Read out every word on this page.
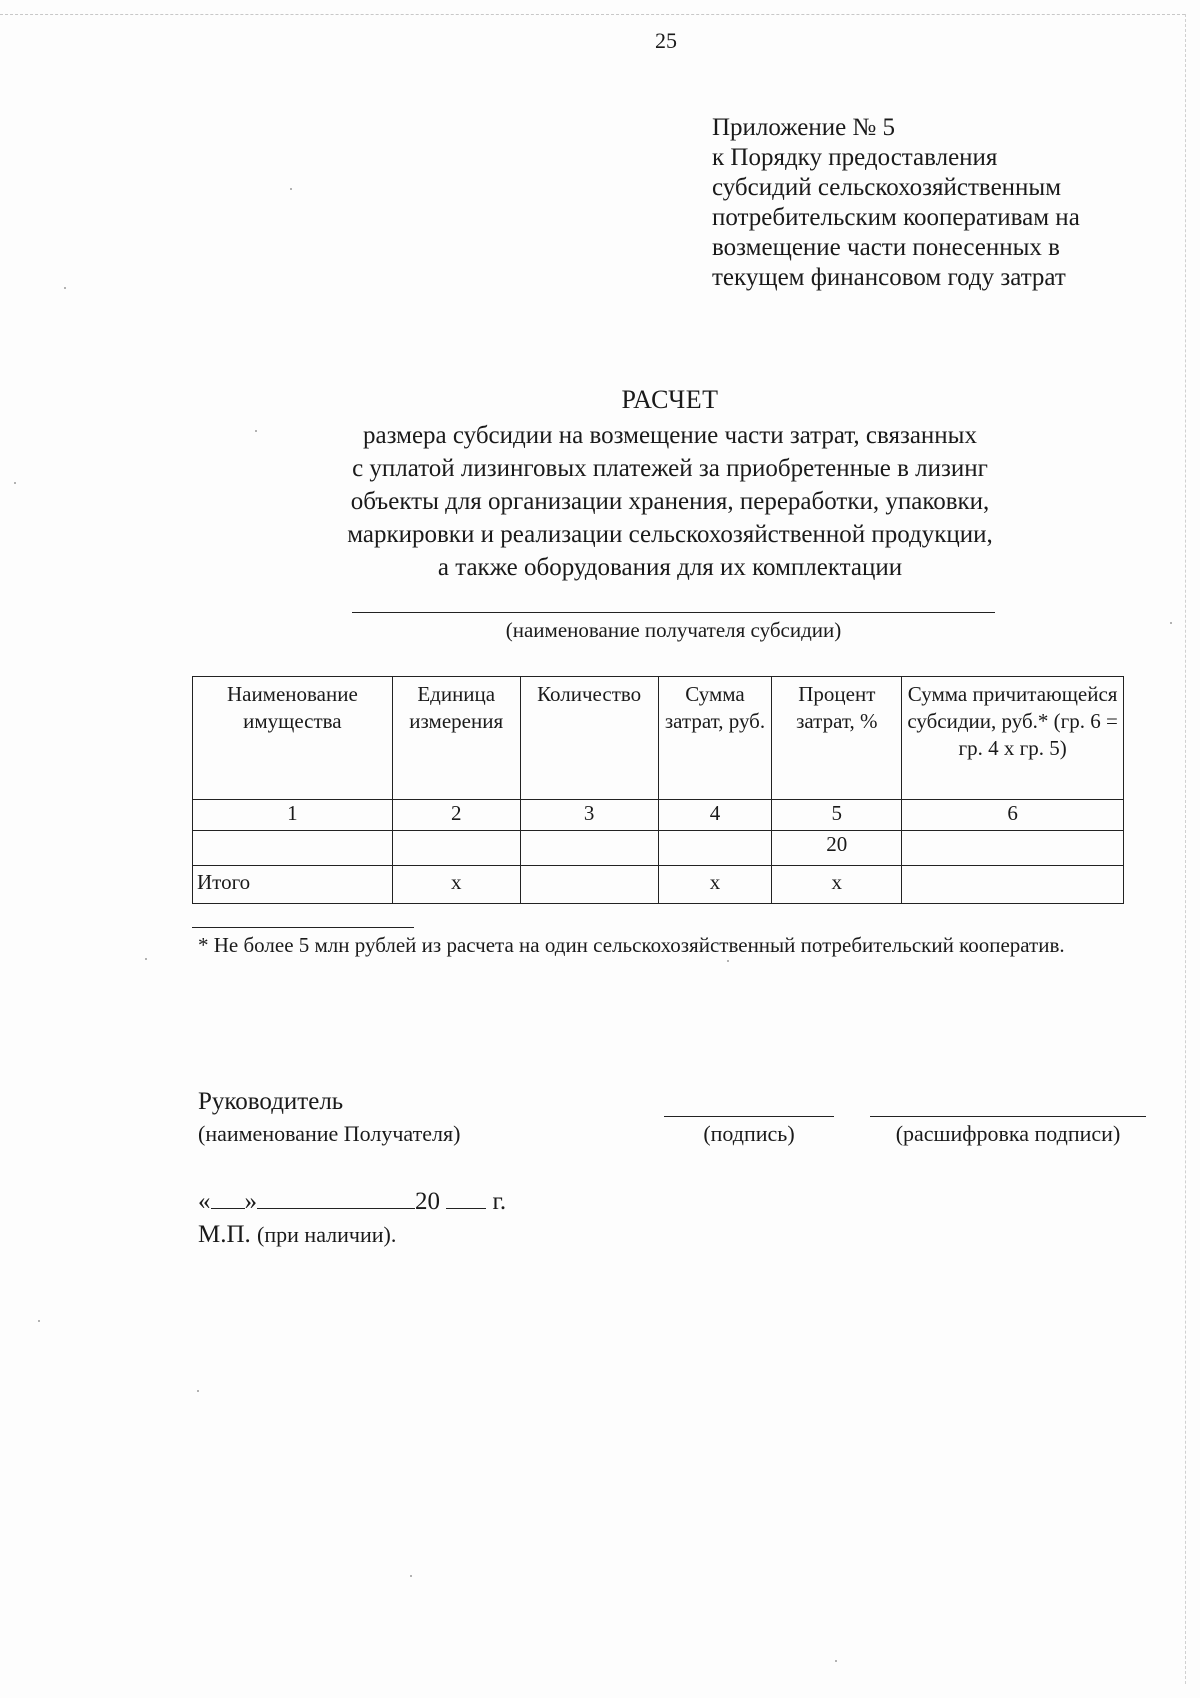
25
Приложение № 5
к Порядку предоставления
субсидий сельскохозяйственным
потребительским кооперативам на
возмещение части понесенных в
текущем финансовом году затрат
РАСЧЕТ
размера субсидии на возмещение части затрат, связанных
с уплатой лизинговых платежей за приобретенные в лизинг
объекты для организации хранения, переработки, упаковки,
маркировки и реализации сельскохозяйственной продукции,
а также оборудования для их комплектации
(наименование получателя субсидии)
Наименование имущества	Единица измерения	Количество	Сумма затрат, руб.	Процент затрат, %	Сумма причитающейся субсидии, руб.* (гр. 6 = гр. 4 x гр. 5)
1	2	3	4	5	6
				20	
Итого	x		x	x	
* Не более 5 млн рублей из расчета на один сельскохозяйственный потребительский кооператив.
Руководитель
(наименование Получателя)	(подпись)	(расшифровка подписи)
« »	20 г.
М.П. (при наличии).
